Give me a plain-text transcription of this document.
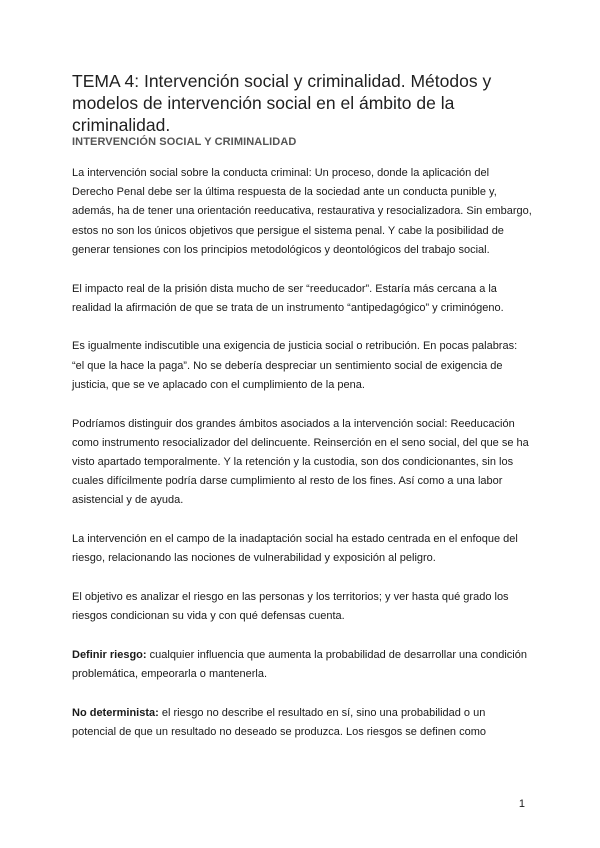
TEMA 4: Intervención social y criminalidad. Métodos y modelos de intervención social en el ámbito de la criminalidad.
INTERVENCIÓN SOCIAL Y CRIMINALIDAD

La intervención social sobre la conducta criminal: Un proceso, donde la aplicación del Derecho Penal debe ser la última respuesta de la sociedad ante un conducta punible y, además, ha de tener una orientación reeducativa, restaurativa y resocializadora. Sin embargo, estos no son los únicos objetivos que persigue el sistema penal. Y cabe la posibilidad de generar tensiones con los principios metodológicos y deontológicos del trabajo social.

El impacto real de la prisión dista mucho de ser “reeducador”. Estaría más cercana a la realidad la afirmación de que se trata de un instrumento “antipedagógico” y criminógeno.

Es igualmente indiscutible una exigencia de justicia social o retribución. En pocas palabras: “el que la hace la paga”. No se debería despreciar un sentimiento social de exigencia de justicia, que se ve aplacado con el cumplimiento de la pena.

Podríamos distinguir dos grandes ámbitos asociados a la intervención social: Reeducación como instrumento resocializador del delincuente. Reinserción en el seno social, del que se ha visto apartado temporalmente. Y la retención y la custodia, son dos condicionantes, sin los cuales difícilmente podría darse cumplimiento al resto de los fines. Así como a una labor asistencial y de ayuda.

La intervención en el campo de la inadaptación social ha estado centrada en el enfoque del riesgo, relacionando las nociones de vulnerabilidad y exposición al peligro.

El objetivo es analizar el riesgo en las personas y los territorios; y ver hasta qué grado los riesgos condicionan su vida y con qué defensas cuenta.

Definir riesgo: cualquier influencia que aumenta la probabilidad de desarrollar una condición problemática, empeorarla o mantenerla.

No determinista: el riesgo no describe el resultado en sí, sino una probabilidad o un potencial de que un resultado no deseado se produzca. Los riesgos se definen como

1
